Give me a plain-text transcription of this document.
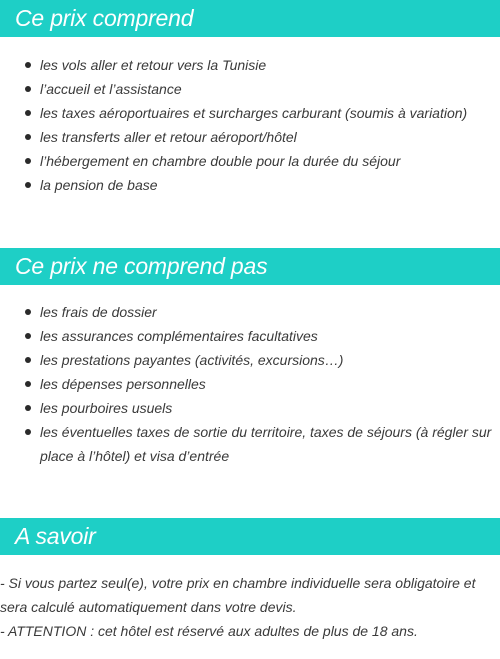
Ce prix comprend
les vols aller et retour vers la Tunisie
l’accueil et l’assistance
les taxes aéroportuaires et surcharges carburant (soumis à variation)
les transferts aller et retour aéroport/hôtel
l’hébergement en chambre double pour la durée du séjour
la pension de base
Ce prix ne comprend pas
les frais de dossier
les assurances complémentaires facultatives
les prestations payantes (activités, excursions…)
les dépenses personnelles
les pourboires usuels
les éventuelles taxes de sortie du territoire, taxes de séjours (à régler sur place à l’hôtel) et visa d’entrée
A savoir

- Si vous partez seul(e), votre prix en chambre individuelle sera obligatoire et sera calculé automatiquement dans votre devis.

- ATTENTION : cet hôtel est réservé aux adultes de plus de 18 ans.
